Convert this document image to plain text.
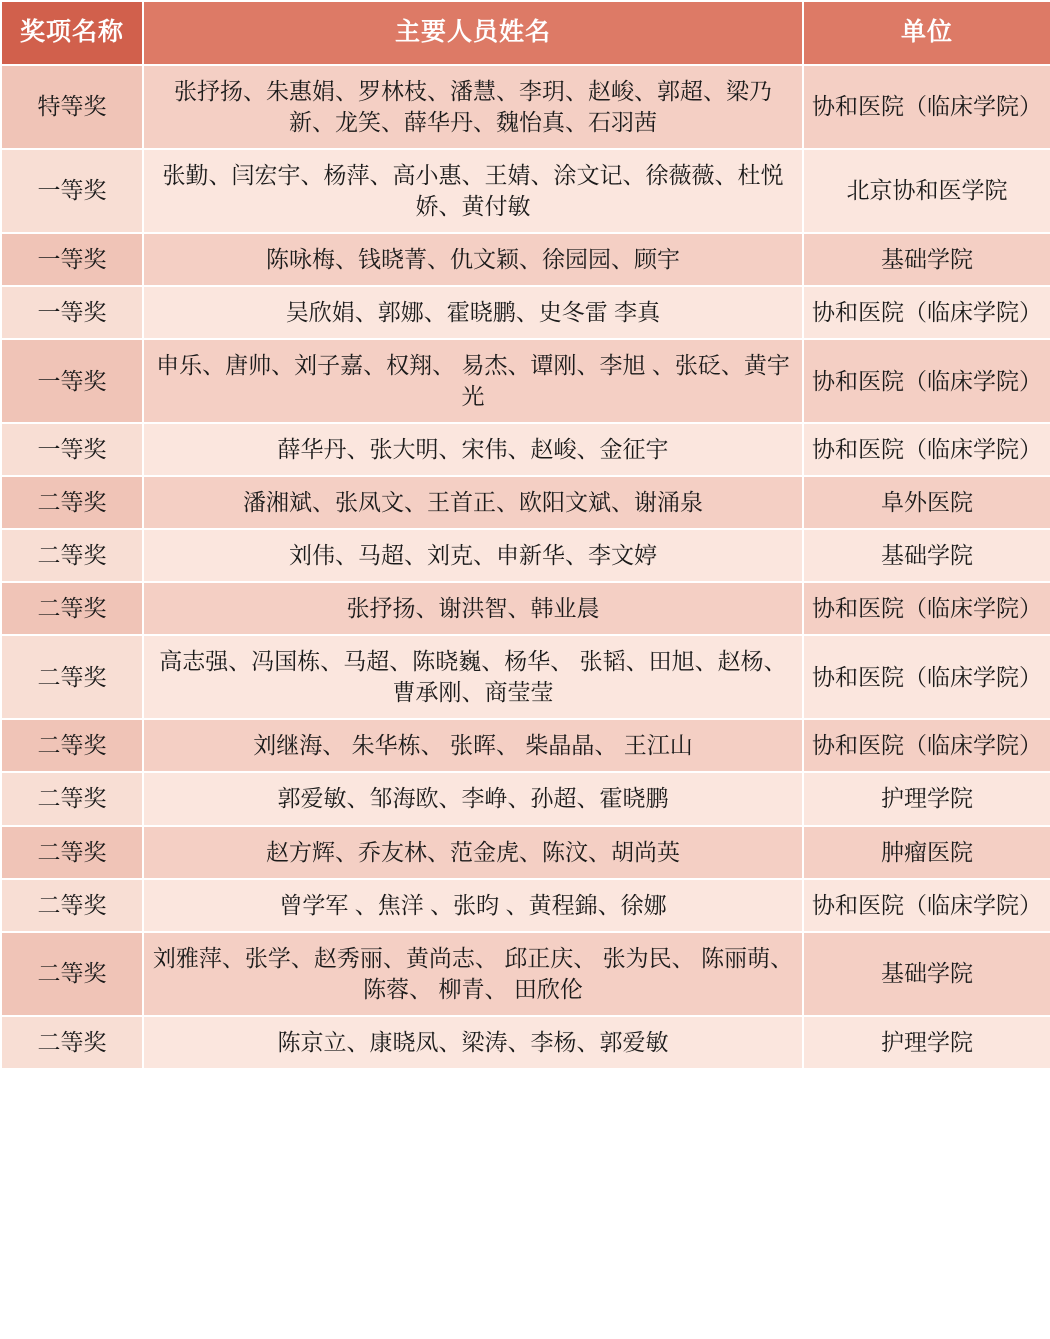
奖项名称	主要人员姓名	单位
特等奖	张抒扬、朱惠娟、罗林枝、潘慧、李玥、赵峻、郭超、梁乃新、龙笑、薛华丹、魏怡真、石羽茜	协和医院（临床学院）
一等奖	张勤、闫宏宇、杨萍、高小惠、王婧、涂文记、徐薇薇、杜悦娇、黄付敏	北京协和医学院
一等奖	陈咏梅、钱晓菁、仇文颖、徐园园、顾宇	基础学院
一等奖	吴欣娟、郭娜、霍晓鹏、史冬雷 李真	协和医院（临床学院）
一等奖	申乐、唐帅、刘子嘉、权翔、 易杰、谭刚、李旭 、张砭、黄宇光	协和医院（临床学院）
一等奖	薛华丹、张大明、宋伟、赵峻、金征宇	协和医院（临床学院）
二等奖	潘湘斌、张凤文、王首正、欧阳文斌、谢涌泉	阜外医院
二等奖	刘伟、马超、刘克、申新华、李文婷	基础学院
二等奖	张抒扬、谢洪智、韩业晨	协和医院（临床学院）
二等奖	高志强、冯国栋、马超、陈晓巍、杨华、 张韬、田旭、赵杨、曹承刚、商莹莹	协和医院（临床学院）
二等奖	刘继海、 朱华栋、 张晖、 柴晶晶、 王江山	协和医院（临床学院）
二等奖	郭爱敏、邹海欧、李峥、孙超、霍晓鹏	护理学院
二等奖	赵方辉、乔友林、范金虎、陈汶、胡尚英	肿瘤医院
二等奖	曾学军 、焦洋 、张昀 、黄程錦、徐娜	协和医院（临床学院）
二等奖	刘雅萍、张学、赵秀丽、黄尚志、 邱正庆、 张为民、 陈丽萌、 陈蓉、 柳青、 田欣伦	基础学院
二等奖	陈京立、康晓凤、梁涛、李杨、郭爱敏	护理学院
